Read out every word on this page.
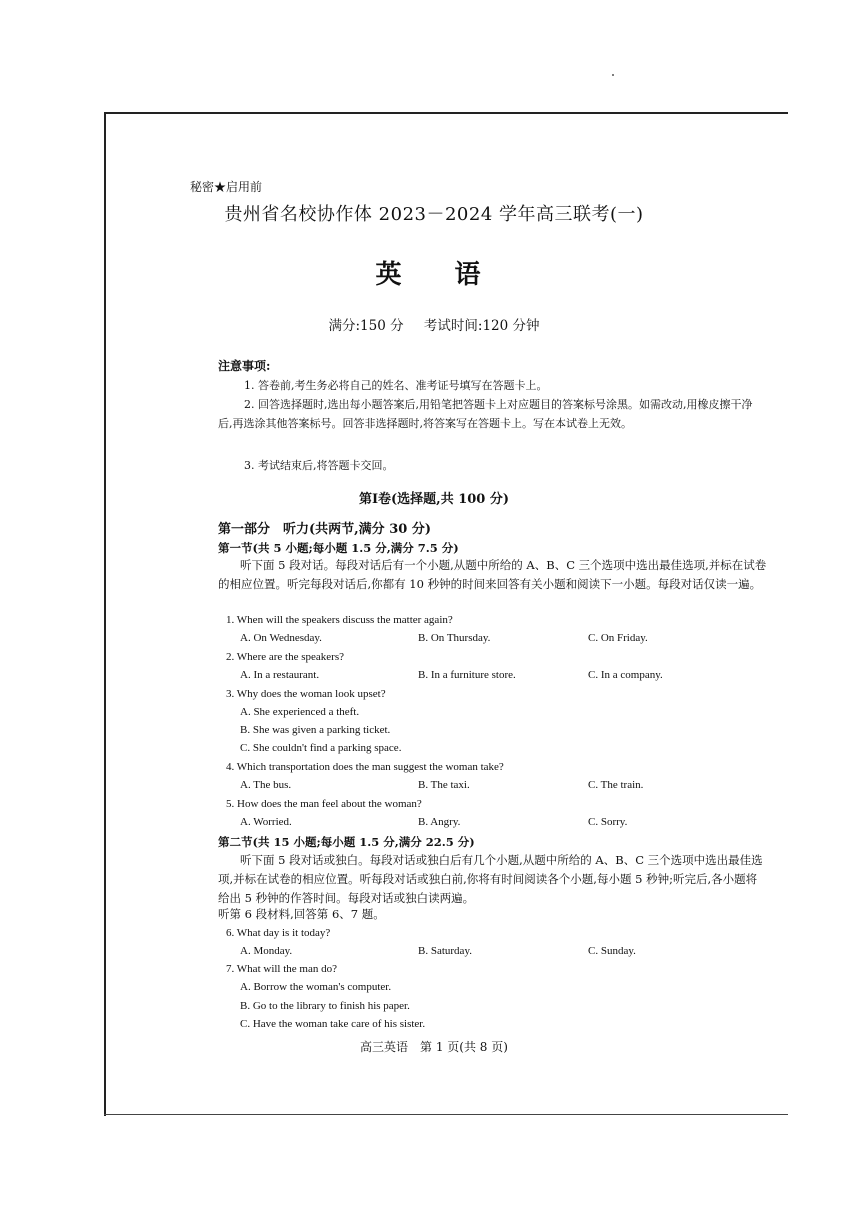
秘密★启用前
贵州省名校协作体 2023－2024 学年高三联考(一)
英 语
满分:150 分 考试时间:120 分钟
注意事项:
1. 答卷前,考生务必将自己的姓名、准考证号填写在答题卡上。
2. 回答选择题时,选出每小题答案后,用铅笔把答题卡上对应题目的答案标号涂黑。如需改动,用橡皮擦干净后,再选涂其他答案标号。回答非选择题时,将答案写在答题卡上。写在本试卷上无效。
3. 考试结束后,将答题卡交回。
第Ⅰ卷(选择题,共 100 分)
第一部分　听力(共两节,满分 30 分)
第一节(共 5 小题;每小题 1.5 分,满分 7.5 分)
听下面 5 段对话。每段对话后有一个小题,从题中所给的 A、B、C 三个选项中选出最佳选项,并标在试卷的相应位置。听完每段对话后,你都有 10 秒钟的时间来回答有关小题和阅读下一小题。每段对话仅读一遍。
1. When will the speakers discuss the matter again?
A. On Wednesday.	B. On Thursday.	C. On Friday.
2. Where are the speakers?
A. In a restaurant.	B. In a furniture store.	C. In a company.
3. Why does the woman look upset?
A. She experienced a theft.
B. She was given a parking ticket.
C. She couldn't find a parking space.
4. Which transportation does the man suggest the woman take?
A. The bus.	B. The taxi.	C. The train.
5. How does the man feel about the woman?
A. Worried.	B. Angry.	C. Sorry.
第二节(共 15 小题;每小题 1.5 分,满分 22.5 分)
听下面 5 段对话或独白。每段对话或独白后有几个小题,从题中所给的 A、B、C 三个选项中选出最佳选项,并标在试卷的相应位置。听每段对话或独白前,你将有时间阅读各个小题,每小题 5 秒钟;听完后,各小题将给出 5 秒钟的作答时间。每段对话或独白读两遍。
听第 6 段材料,回答第 6、7 题。
6. What day is it today?
A. Monday.	B. Saturday.	C. Sunday.
7. What will the man do?
A. Borrow the woman's computer.
B. Go to the library to finish his paper.
C. Have the woman take care of his sister.
高三英语　第 1 页(共 8 页)
